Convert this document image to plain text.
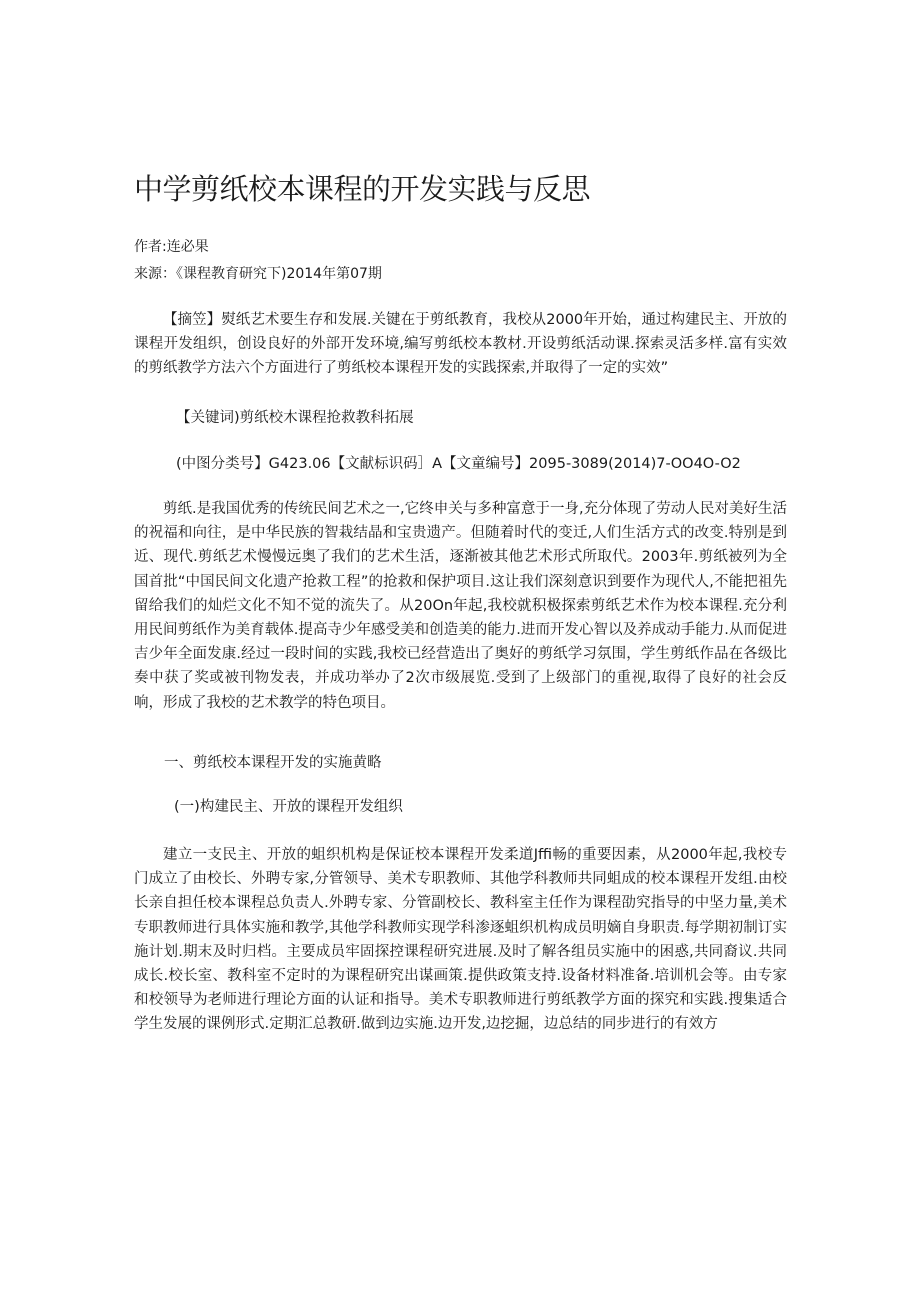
中学剪纸校本课程的开发实践与反思
作者:连必果
来源：《课程教育研究下)2014年第07期

【摘笠】熨纸艺术要生存和发展.关键在于剪纸教育，我校从2000年开始，通过构建民主、开放的课程开发组织，创设良好的外部开发环境,编写剪纸校本教材.开设剪纸活动课.探索灵活多样.富有实效的剪纸教学方法六个方面进行了剪纸校本课程开发的实践探索,并取得了一定的实效”

【关键词)剪纸校木课程抢救教科拓展
(中图分类号】G423.06【文献标识码］A【文童编号】2095-3089(2014)7-OO4O-O2

剪纸.是我国优秀的传统民间艺术之一,它终申关与多种富意于一身,充分体现了劳动人民对美好生活的祝福和向往，是中华民族的智栽结晶和宝贵遗产。但随着时代的变迁,人们生活方式的改变.特别是到近、现代.剪纸艺术慢慢远奥了我们的艺术生活，逐渐被其他艺术形式所取代。2003年.剪纸被列为全国首批“中国民间文化遗产抢救工程”的抢救和保护项目.这让我们深刻意识到要作为现代人,不能把祖先留给我们的灿烂文化不知不觉的流失了。从20On年起,我校就积极探索剪纸艺术作为校本课程.充分利用民间剪纸作为美育载体.提高寺少年感受美和创造美的能力.进而开发心智以及养成动手能力.从而促进吉少年全面发康.经过一段时间的实践,我校已经营造出了奥好的剪纸学习氛围，学生剪纸作品在各级比奏中获了奖或被刊物发表，并成功举办了2次市级展览.受到了上级部门的重视,取得了良好的社会反响，形成了我校的艺术教学的特色项目。

一、剪纸校本课程开发的实施黄略
(一)构建民主、开放的课程开发组织

建立一支民主、开放的蛆织机构是保证校本课程开发柔道Jffi畅的重要因素，从2000年起,我校专门成立了由校长、外聘专家,分管领导、美术专职教师、其他学科教师共同蛆成的校本课程开发组.由校长亲自担任校本课程总负责人.外聘专家、分管副校长、教科室主任作为课程劭究指导的中坚力量,美术专职教师进行具体实施和教学,其他学科教师实现学科渗逐蛆织机构成员明嫡自身职责.每学期初制订实施计划.期末及时归档。主要成员牢固探控课程研究进展.及时了解各组员实施中的困惑,共同裔议.共同成长.校长室、教科室不定时的为课程研究出谋画策.提供政策支持.设备材料准备.培训机会等。由专家和校领导为老师进行理论方面的认证和指导。美术专职教师进行剪纸教学方面的探究和实践.搜集适合学生发展的课例形式.定期汇总教研.做到边实施.边开发,边挖掘，边总结的同步进行的有效方
